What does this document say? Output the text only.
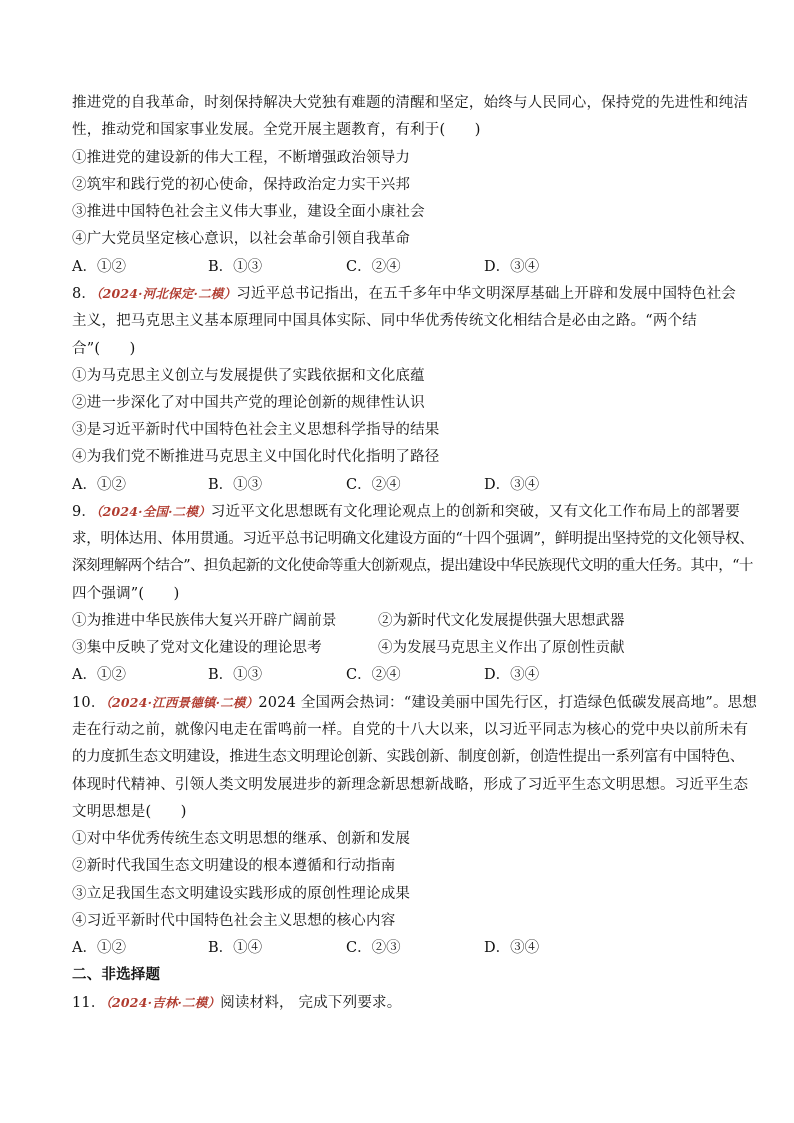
推进党的自我革命，时刻保持解决大党独有难题的清醒和坚定，始终与人民同心，保持党的先进性和纯洁
性，推动党和国家事业发展。全党开展主题教育，有利于(　　)
①推进党的建设新的伟大工程，不断增强政治领导力
②筑牢和践行党的初心使命，保持政治定力实干兴邦
③推进中国特色社会主义伟大事业，建设全面小康社会
④广大党员坚定核心意识，以社会革命引领自我革命
A．①②	B．①③	C．②④	D．③④
8．（2024·河北保定·二模）习近平总书记指出，在五千多年中华文明深厚基础上开辟和发展中国特色社会
主义，把马克思主义基本原理同中国具体实际、同中华优秀传统文化相结合是必由之路。“两个结
合”(　　)
①为马克思主义创立与发展提供了实践依据和文化底蕴
②进一步深化了对中国共产党的理论创新的规律性认识
③是习近平新时代中国特色社会主义思想科学指导的结果
④为我们党不断推进马克思主义中国化时代化指明了路径
A．①②	B．①③	C．②④	D．③④
9．（2024·全国·二模）习近平文化思想既有文化理论观点上的创新和突破，又有文化工作布局上的部署要
求，明体达用、体用贯通。习近平总书记明确文化建设方面的“十四个强调”，鲜明提出坚持党的文化领导权、
深刻理解两个结合”、担负起新的文化使命等重大创新观点，提出建设中华民族现代文明的重大任务。其中，“十
四个强调”(　　)
①为推进中华民族伟大复兴开辟广阔前景	②为新时代文化发展提供强大思想武器
③集中反映了党对文化建设的理论思考	④为发展马克思主义作出了原创性贡献
A．①②	B．①③	C．②④	D．③④
10．（2024·江西景德镇·二模）2024 全国两会热词：“建设美丽中国先行区，打造绿色低碳发展高地”。思想
走在行动之前，就像闪电走在雷鸣前一样。自党的十八大以来，以习近平同志为核心的党中央以前所未有
的力度抓生态文明建设，推进生态文明理论创新、实践创新、制度创新，创造性提出一系列富有中国特色、
体现时代精神、引领人类文明发展进步的新理念新思想新战略，形成了习近平生态文明思想。习近平生态
文明思想是(　　)
①对中华优秀传统生态文明思想的继承、创新和发展
②新时代我国生态文明建设的根本遵循和行动指南
③立足我国生态文明建设实践形成的原创性理论成果
④习近平新时代中国特色社会主义思想的核心内容
A．①②	B．①④	C．②③	D．③④
二、非选择题
11．（2024·吉林·二模）阅读材料， 完成下列要求。
